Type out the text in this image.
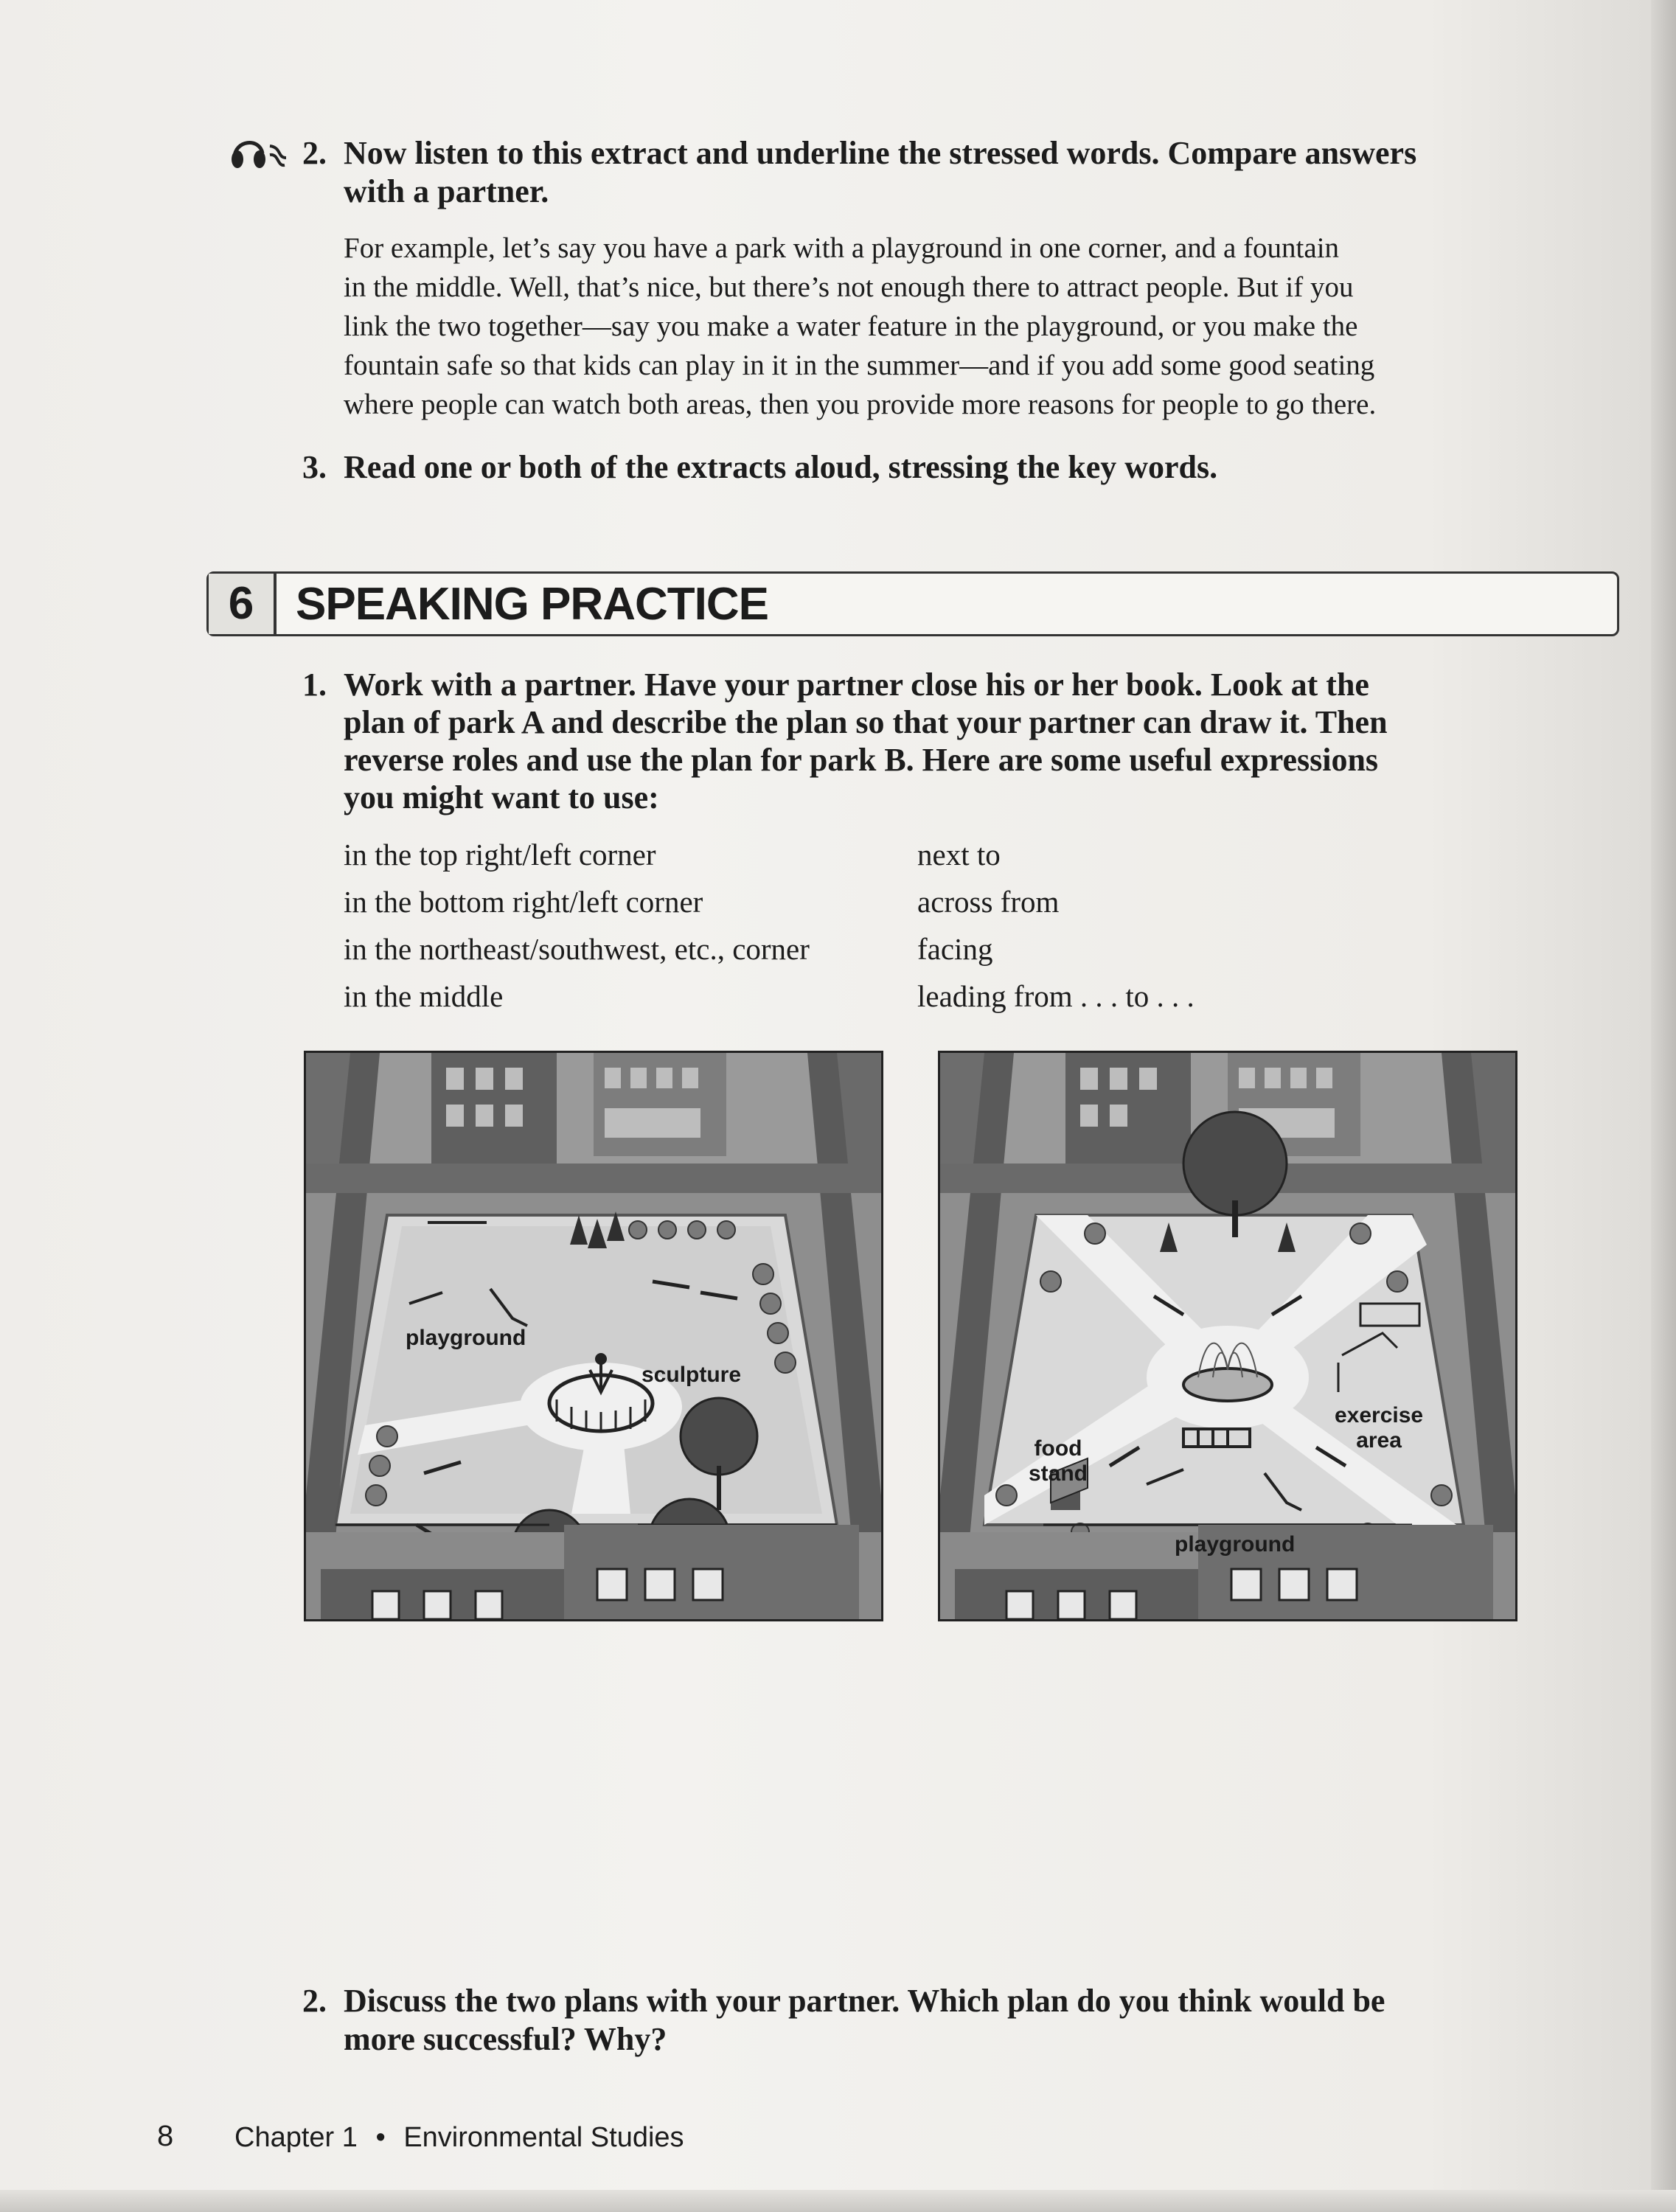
2. Now listen to this extract and underline the stressed words. Compare answers
with a partner.
For example, let’s say you have a park with a playground in one corner, and a fountain
in the middle. Well, that’s nice, but there’s not enough there to attract people. But if you
link the two together—say you make a water feature in the playground, or you make the
fountain safe so that kids can play in it in the summer—and if you add some good seating
where people can watch both areas, then you provide more reasons for people to go there.
3. Read one or both of the extracts aloud, stressing the key words.
6 SPEAKING PRACTICE
1. Work with a partner. Have your partner close his or her book. Look at the
plan of park A and describe the plan so that your partner can draw it. Then
reverse roles and use the plan for park B. Here are some useful expressions
you might want to use:
in the top right/left corner
in the bottom right/left corner
in the northeast/southwest, etc., corner
in the middle
next to
across from
facing
leading from . . . to . . .
playground
sculpture
food
stand
exercise
area
playground
2. Discuss the two plans with your partner. Which plan do you think would be
more successful? Why?
8 Chapter 1 • Environmental Studies
